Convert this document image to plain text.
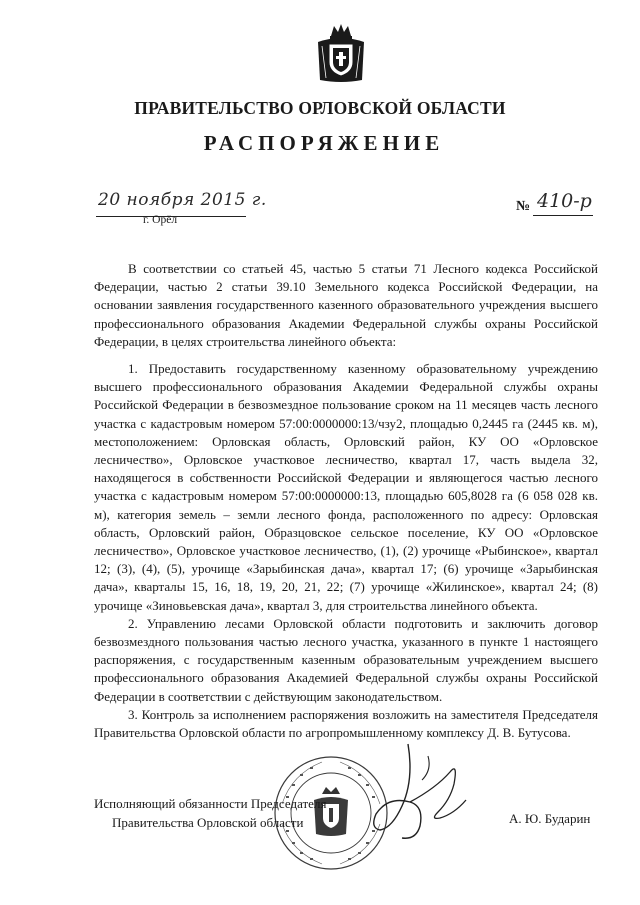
ПРАВИТЕЛЬСТВО ОРЛОВСКОЙ ОБЛАСТИ
РАСПОРЯЖЕНИЕ
20 ноября 2015 г.
г. Орёл
№ 410-р

В соответствии со статьей 45, частью 5 статьи 71 Лесного кодекса Российской Федерации, частью 2 статьи 39.10 Земельного кодекса Российской Федерации, на основании заявления государственного казенного образовательного учреждения высшего профессионального образования Академии Федеральной службы охраны Российской Федерации, в целях строительства линейного объекта:

1. Предоставить государственному казенному образовательному учреждению высшего профессионального образования Академии Федеральной службы охраны Российской Федерации в безвозмездное пользование сроком на 11 месяцев часть лесного участка с кадастровым номером 57:00:0000000:13/чзу2, площадью 0,2445 га (2445 кв. м), местоположением: Орловская область, Орловский район, КУ ОО «Орловское лесничество», Орловское участковое лесничество, квартал 17, часть выдела 32, находящегося в собственности Российской Федерации и являющегося частью лесного участка с кадастровым номером 57:00:0000000:13, площадью 605,8028 га (6 058 028 кв. м), категория земель – земли лесного фонда, расположенного по адресу: Орловская область, Орловский район, Образцовское сельское поселение, КУ ОО «Орловское лесничество», Орловское участковое лесничество, (1), (2) урочище «Рыбинское», квартал 12; (3), (4), (5), урочище «Зарыбинская дача», квартал 17; (6) урочище «Зарыбинская дача», кварталы 15, 16, 18, 19, 20, 21, 22; (7) урочище «Жилинское», квартал 24; (8) урочище «Зиновьевская дача», квартал 3, для строительства линейного объекта.

2. Управлению лесами Орловской области подготовить и заключить договор безвозмездного пользования частью лесного участка, указанного в пункте 1 настоящего распоряжения, с государственным казенным образовательным учреждением высшего профессионального образования Академией Федеральной службы охраны Российской Федерации в соответствии с действующим законодательством.

3. Контроль за исполнением распоряжения возложить на заместителя Председателя Правительства Орловской области по агропромышленному комплексу Д. В. Бутусова.

Исполняющий обязанности Председателя
Правительства Орловской области	А. Ю. Бударин
